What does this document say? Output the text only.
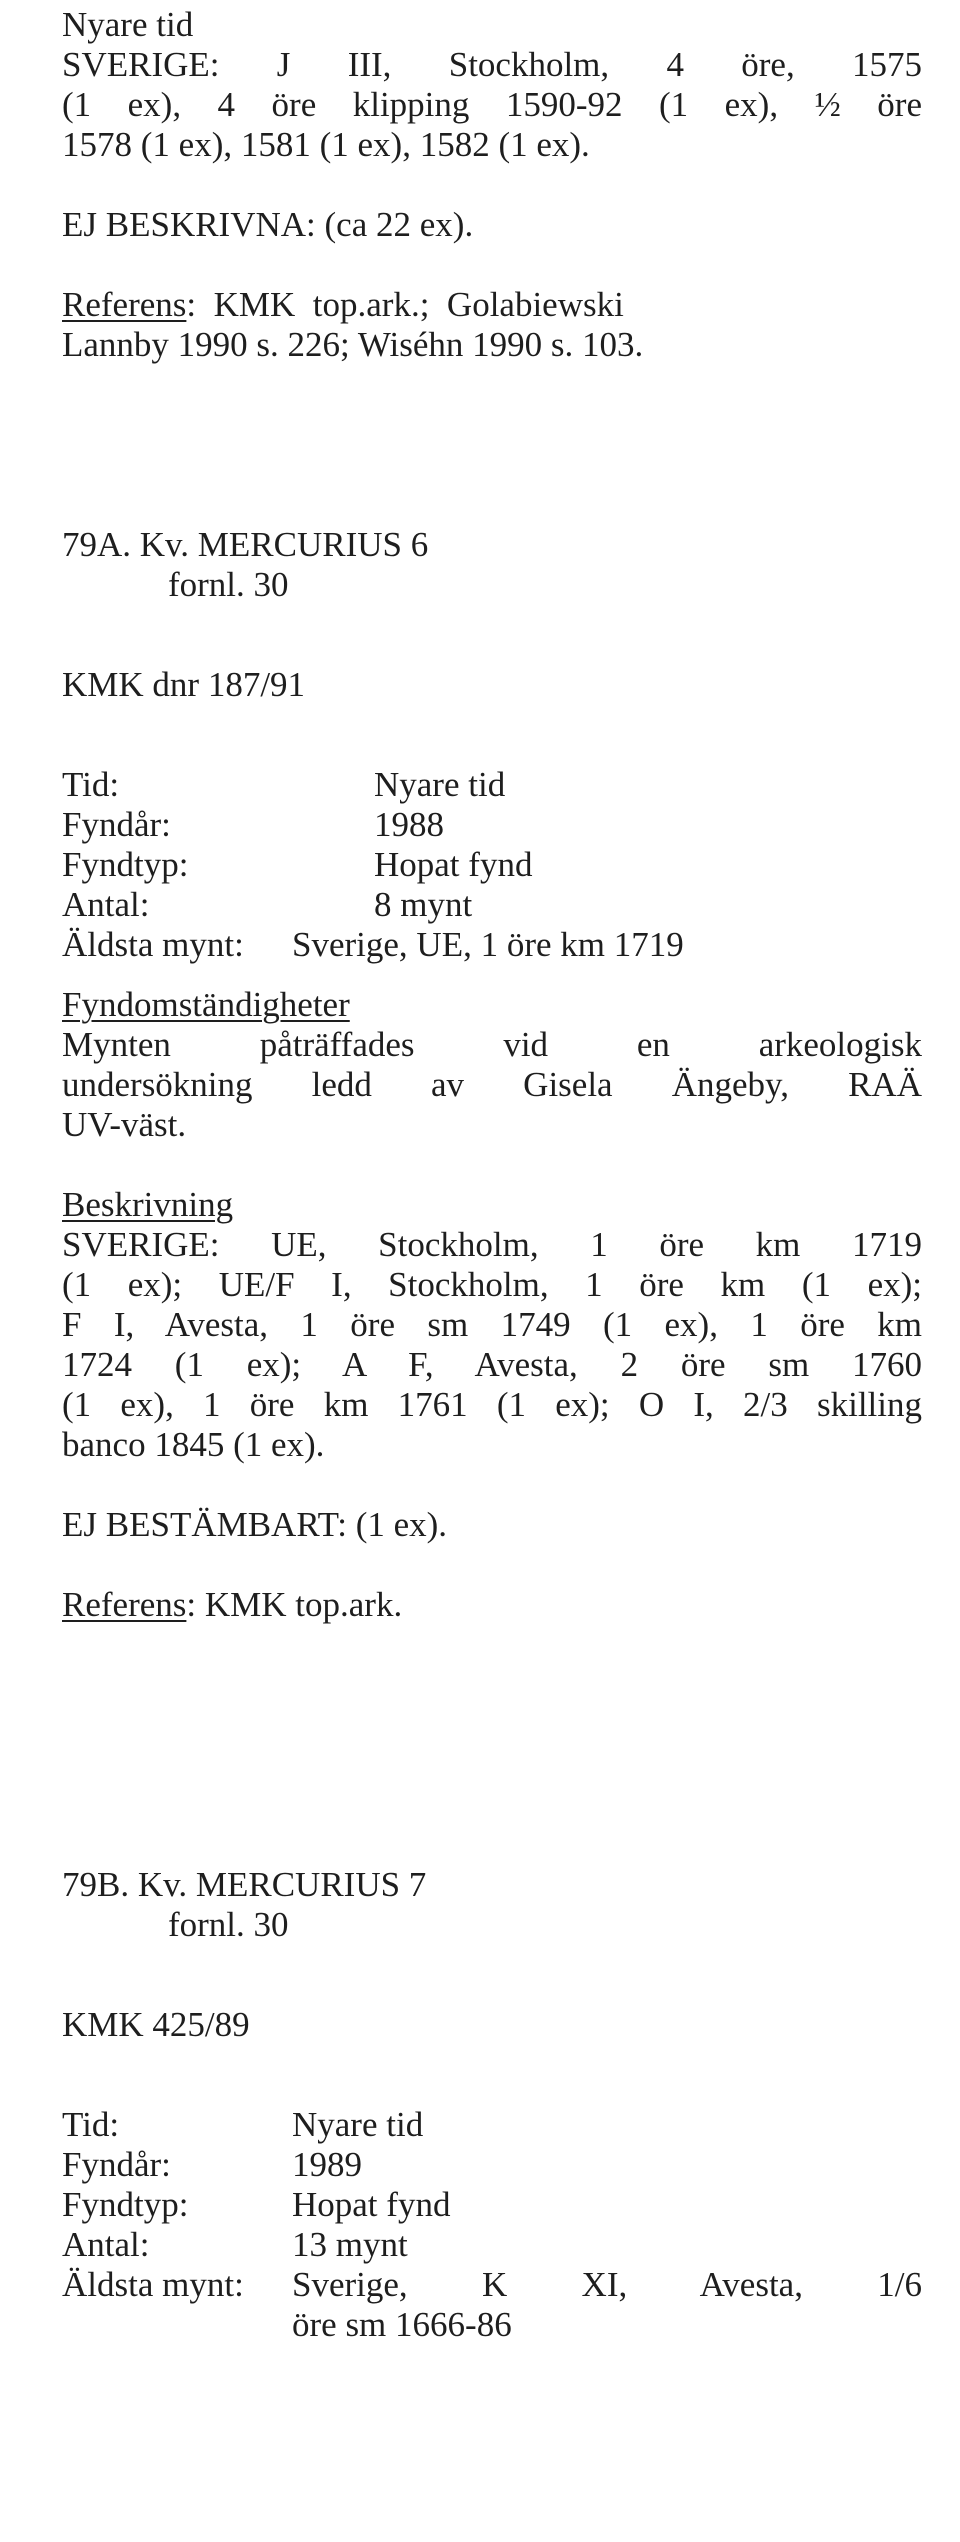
Nyare tid
SVERIGE: J III, Stockholm, 4 öre, 1575
(1 ex), 4 öre klipping 1590-92 (1 ex), ½ öre
1578 (1 ex), 1581 (1 ex), 1582 (1 ex).
EJ BESKRIVNA: (ca 22 ex).
Referens:  KMK  top.ark.;  Golabiewski
Lannby 1990 s. 226; Wiséhn 1990 s. 103.
79A. Kv. MERCURIUS 6
fornl. 30
KMK dnr 187/91
Tid:	Nyare tid
Fyndår:	1988
Fyndtyp:	Hopat fynd
Antal:	8 mynt
Äldsta mynt:	Sverige, UE, 1 öre km 1719
Fyndomständigheter
Mynten påträffades vid en arkeologisk
undersökning ledd av Gisela Ängeby, RAÄ
UV-väst.
Beskrivning
SVERIGE: UE, Stockholm, 1 öre km 1719
(1 ex); UE/F I, Stockholm, 1 öre km (1 ex);
F I, Avesta, 1 öre sm 1749 (1 ex), 1 öre km
1724 (1 ex); A F, Avesta, 2 öre sm 1760
(1 ex), 1 öre km 1761 (1 ex); O I, 2/3 skilling
banco 1845 (1 ex).
EJ BESTÄMBART: (1 ex).
Referens: KMK top.ark.
79B. Kv. MERCURIUS 7
fornl. 30
KMK 425/89
Tid:	Nyare tid
Fyndår:	1989
Fyndtyp:	Hopat fynd
Antal:	13 mynt
Äldsta mynt:	Sverige, K XI, Avesta, 1/6
öre sm 1666-86
